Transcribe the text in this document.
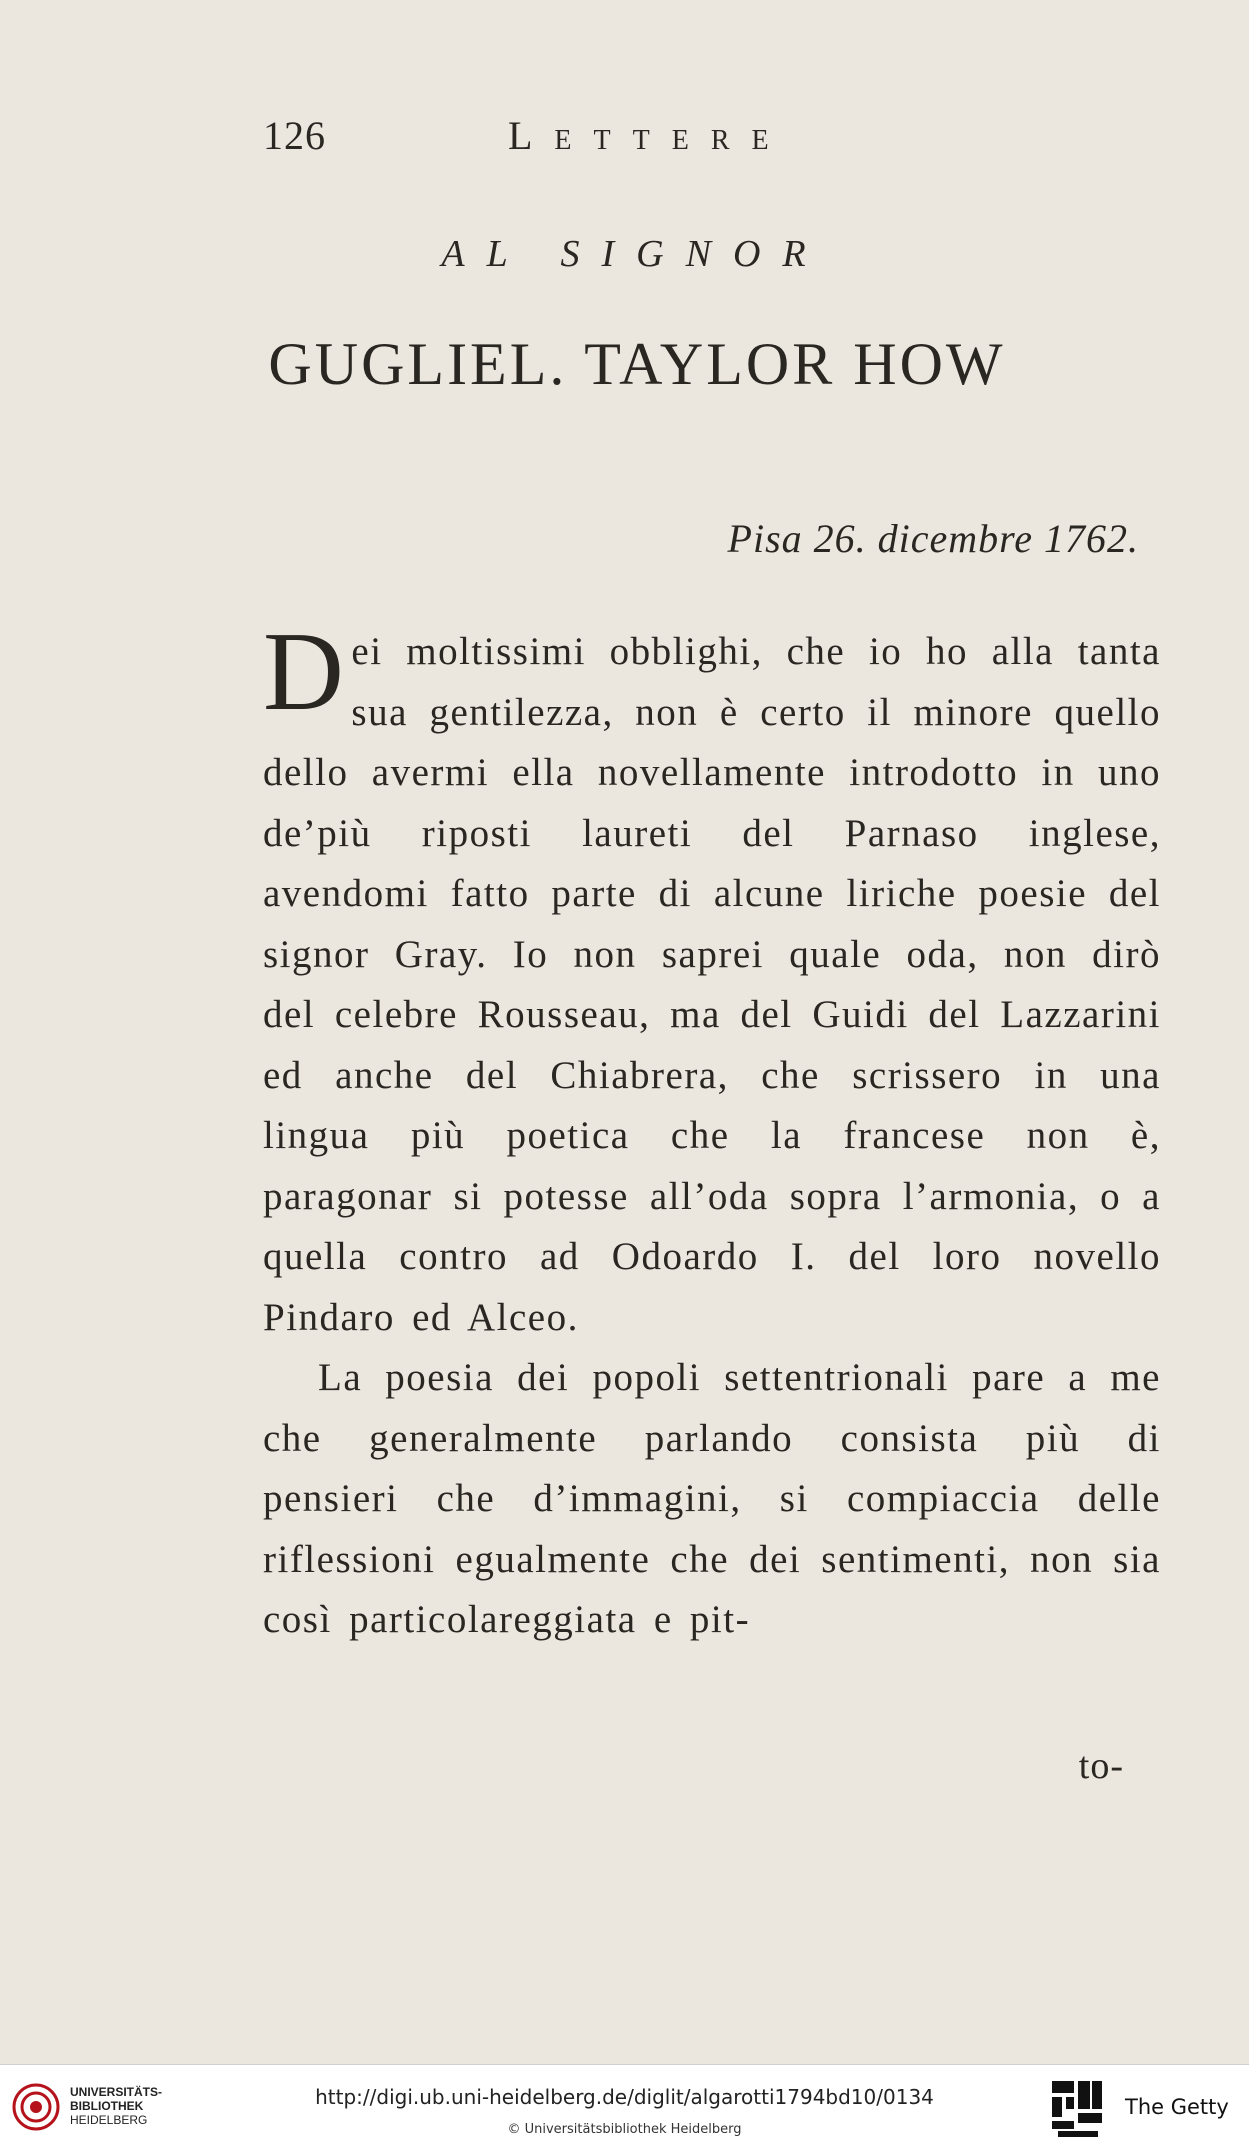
126	Lettere
AL SIGNOR
GUGLIEL. TAYLOR HOW
Pisa 26. dicembre 1762.

Dei moltissimi obblighi, che io ho alla tanta sua gentilezza, non è certo il minore quello dello avermi ella novellamente introdotto in uno de’più riposti laureti del Parnaso inglese, avendomi fatto parte di alcune liriche poesie del signor Gray. Io non saprei quale oda, non dirò del celebre Rousseau, ma del Guidi del Lazzarini ed anche del Chiabrera, che scrissero in una lingua più poetica che la francese non è, paragonar si potesse all’oda sopra l’armonia, o a quella contro ad Odoardo I. del loro novello Pindaro ed Alceo.

La poesia dei popoli settentrionali pare a me che generalmente parlando consista più di pensieri che d’immagini, si compiaccia delle riflessioni egualmente che dei sentimenti, non sia così particolareggiata e pit-

to-
UNIVERSITÄTS-
BIBLIOTHEK
HEIDELBERG
http://digi.ub.uni-heidelberg.de/diglit/algarotti1794bd10/0134
© Universitätsbibliothek Heidelberg
The Getty
